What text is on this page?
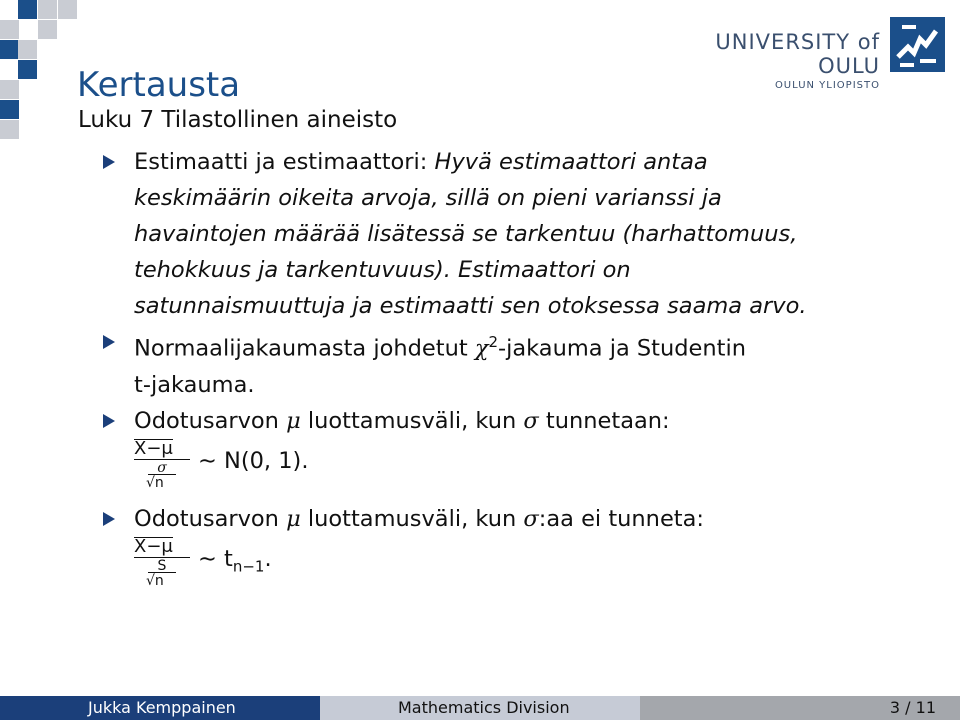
UNIVERSITY of OULU
OULUN YLIOPISTO
Kertausta
Luku 7 Tilastollinen aineisto
Estimaatti ja estimaattori: Hyvä estimaattori antaa
keskimäärin oikeita arvoja, sillä on pieni varianssi ja
havaintojen määrää lisätessä se tarkentuu (harhattomuus,
tehokkuus ja tarkentuvuus). Estimaattori on
satunnaismuuttuja ja estimaatti sen otoksessa saama arvo.
Normaalijakaumasta johdetut $\chi^2$-jakauma ja Studentin
t-jakauma.
Odotusarvon μ luottamusväli, kun σ tunnetaan:
X−μ
σ
√n
∼ N(0, 1).
Odotusarvon μ luottamusväli, kun σ:aa ei tunneta:
X−μ
S
√n
∼ $t_{n-1}$.
Jukka Kemppainen	Mathematics Division	3 / 11
